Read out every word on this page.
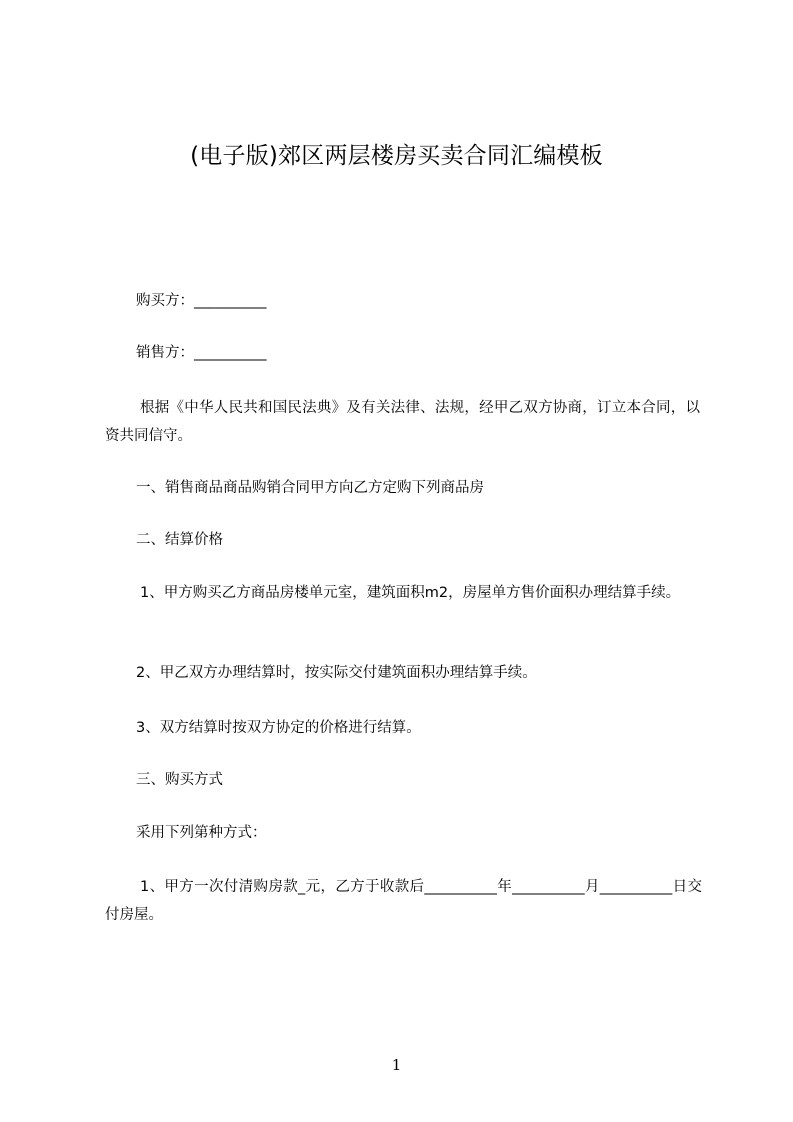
(电子版)郊区两层楼房买卖合同汇编模板

购买方：__________

销售方：__________

根据《中华人民共和国民法典》及有关法律、法规，经甲乙双方协商，订立本合同，以资共同信守。

一、销售商品商品购销合同甲方向乙方定购下列商品房

二、结算价格

1、甲方购买乙方商品房楼单元室，建筑面积m2，房屋单方售价面积办理结算手续。

2、甲乙双方办理结算时，按实际交付建筑面积办理结算手续。

3、双方结算时按双方协定的价格进行结算。

三、购买方式

采用下列第种方式：

1、甲方一次付清购房款_元，乙方于收款后__________年__________月__________日交付房屋。

1
